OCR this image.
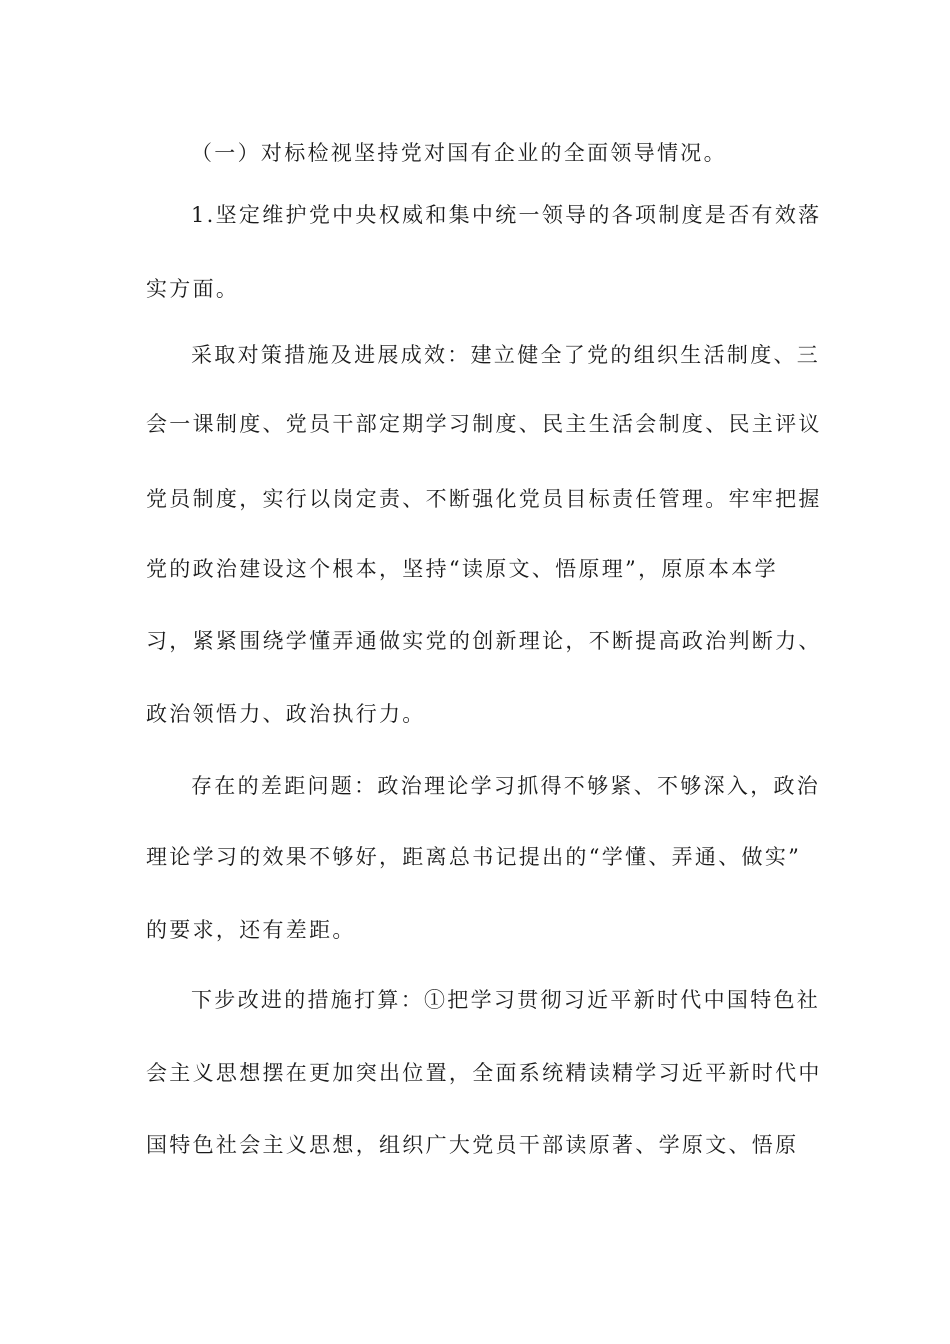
（一）对标检视坚持党对国有企业的全面领导情况。
1.坚定维护党中央权威和集中统一领导的各项制度是否有效落
实方面。
采取对策措施及进展成效：建立健全了党的组织生活制度、三
会一课制度、党员干部定期学习制度、民主生活会制度、民主评议
党员制度，实行以岗定责、不断强化党员目标责任管理。牢牢把握
党的政治建设这个根本，坚持“读原文、悟原理”，原原本本学
习，紧紧围绕学懂弄通做实党的创新理论，不断提高政治判断力、
政治领悟力、政治执行力。
存在的差距问题：政治理论学习抓得不够紧、不够深入，政治
理论学习的效果不够好，距离总书记提出的“学懂、弄通、做实”
的要求，还有差距。
下步改进的措施打算：①把学习贯彻习近平新时代中国特色社
会主义思想摆在更加突出位置，全面系统精读精学习近平新时代中
国特色社会主义思想，组织广大党员干部读原著、学原文、悟原
